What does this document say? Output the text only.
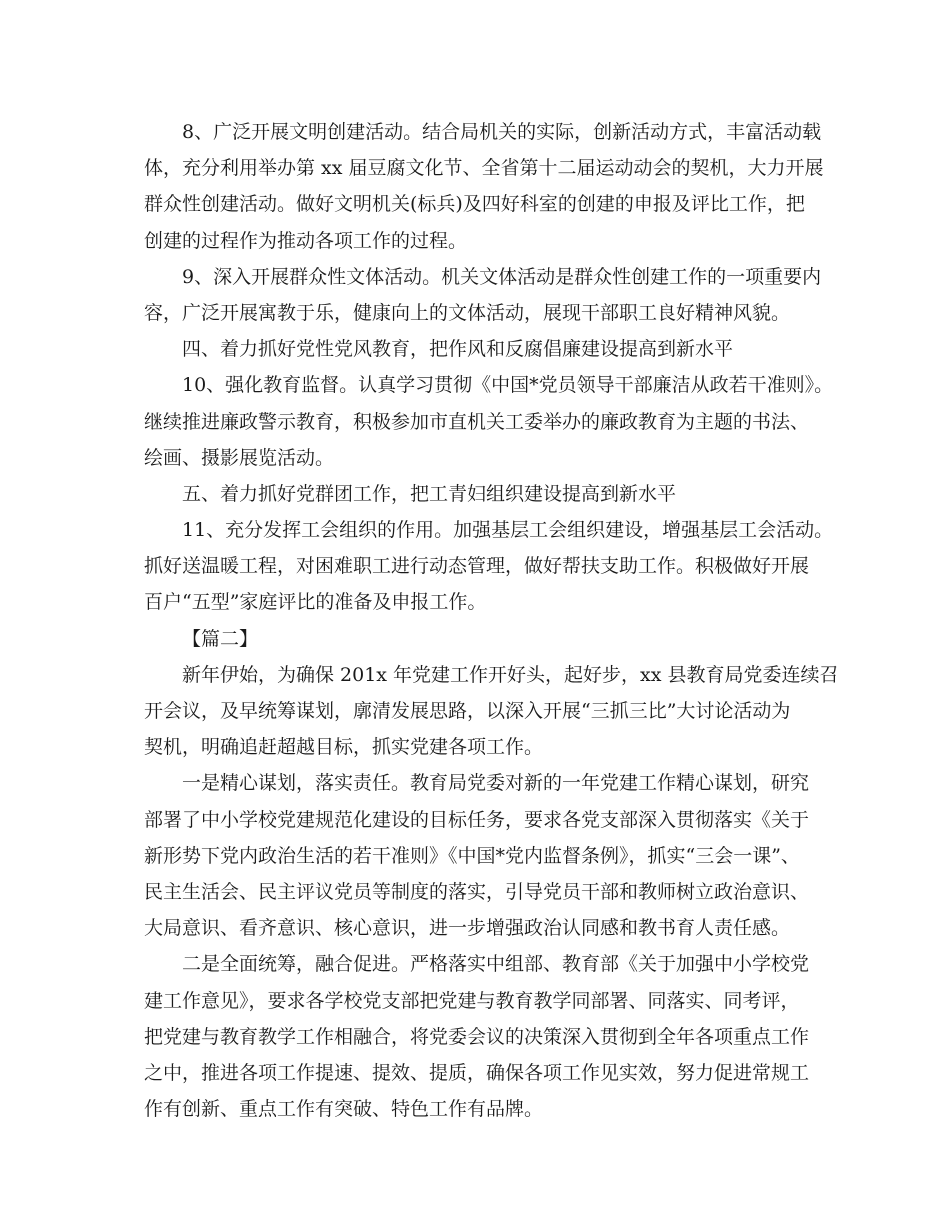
8、广泛开展文明创建活动。结合局机关的实际，创新活动方式，丰富活动载
体，充分利用举办第 xx 届豆腐文化节、全省第十二届运动动会的契机，大力开展
群众性创建活动。做好文明机关(标兵)及四好科室的创建的申报及评比工作，把
创建的过程作为推动各项工作的过程。
9、深入开展群众性文体活动。机关文体活动是群众性创建工作的一项重要内
容，广泛开展寓教于乐，健康向上的文体活动，展现干部职工良好精神风貌。
四、着力抓好党性党风教育，把作风和反腐倡廉建设提高到新水平
10、强化教育监督。认真学习贯彻《中国*党员领导干部廉洁从政若干准则》。
继续推进廉政警示教育，积极参加市直机关工委举办的廉政教育为主题的书法、
绘画、摄影展览活动。
五、着力抓好党群团工作，把工青妇组织建设提高到新水平
11、充分发挥工会组织的作用。加强基层工会组织建设，增强基层工会活动。
抓好送温暖工程，对困难职工进行动态管理，做好帮扶支助工作。积极做好开展
百户“五型”家庭评比的准备及申报工作。
【篇二】
新年伊始，为确保 201x 年党建工作开好头，起好步，xx 县教育局党委连续召
开会议，及早统筹谋划，廓清发展思路，以深入开展“三抓三比”大讨论活动为
契机，明确追赶超越目标，抓实党建各项工作。
一是精心谋划，落实责任。教育局党委对新的一年党建工作精心谋划，研究
部署了中小学校党建规范化建设的目标任务，要求各党支部深入贯彻落实《关于
新形势下党内政治生活的若干准则》《中国*党内监督条例》，抓实“三会一课”、
民主生活会、民主评议党员等制度的落实，引导党员干部和教师树立政治意识、
大局意识、看齐意识、核心意识，进一步增强政治认同感和教书育人责任感。
二是全面统筹，融合促进。严格落实中组部、教育部《关于加强中小学校党
建工作意见》，要求各学校党支部把党建与教育教学同部署、同落实、同考评，
把党建与教育教学工作相融合，将党委会议的决策深入贯彻到全年各项重点工作
之中，推进各项工作提速、提效、提质，确保各项工作见实效，努力促进常规工
作有创新、重点工作有突破、特色工作有品牌。
